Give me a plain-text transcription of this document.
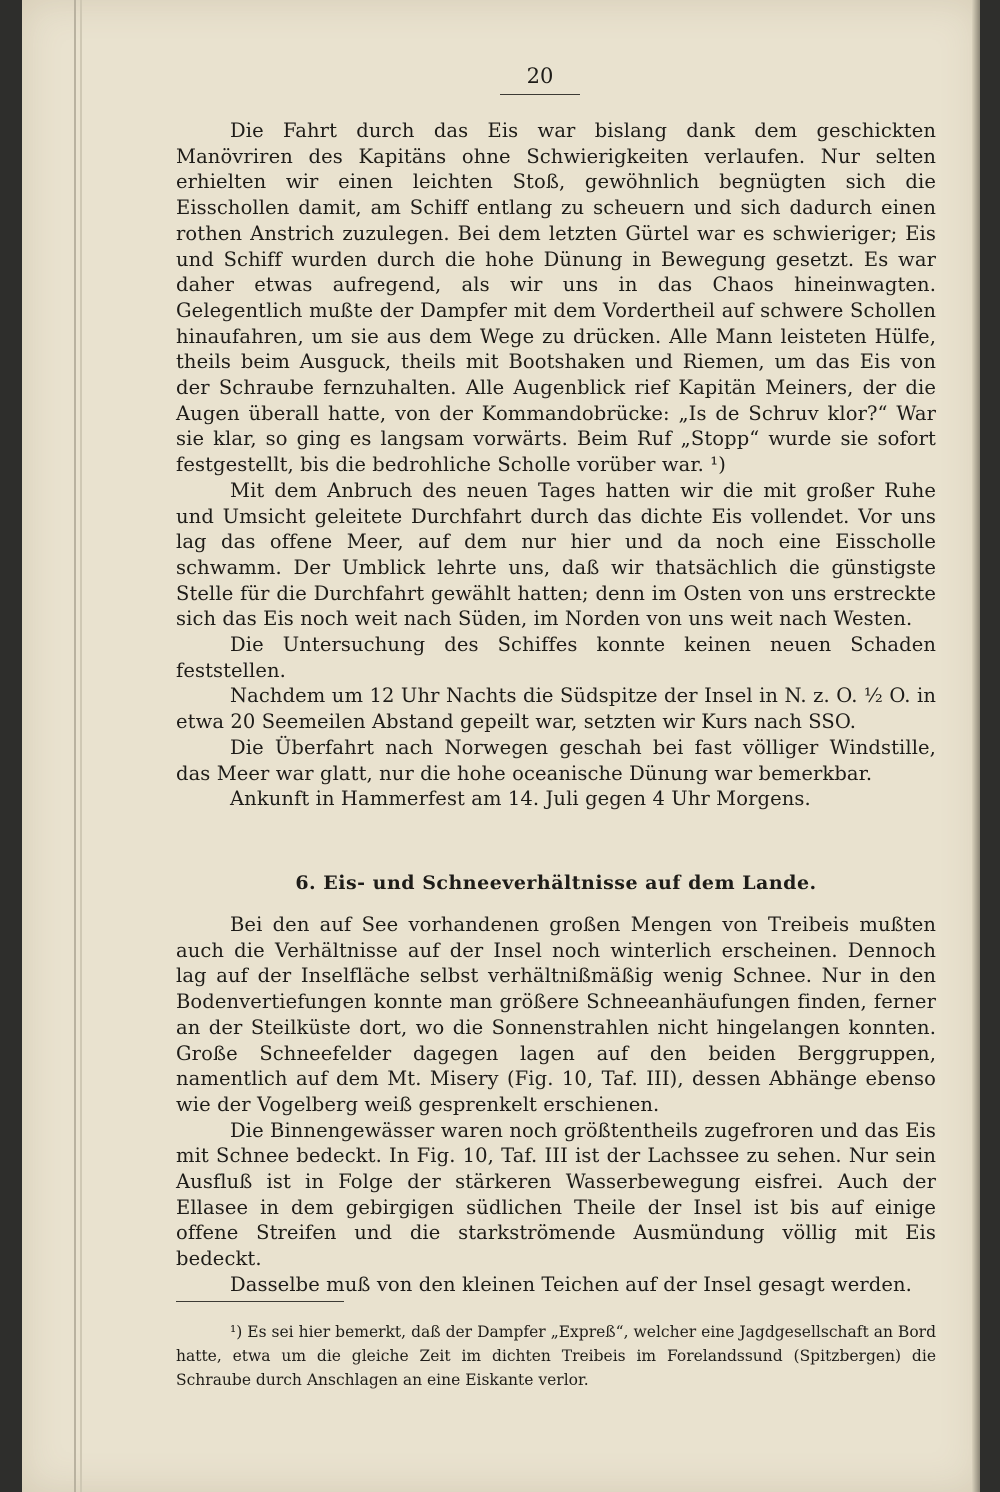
20

Die Fahrt durch das Eis war bislang dank dem geschickten Manövriren des Kapitäns ohne Schwierigkeiten verlaufen. Nur selten erhielten wir einen leichten Stoß, gewöhnlich begnügten sich die Eisschollen damit, am Schiff entlang zu scheuern und sich dadurch einen rothen Anstrich zuzulegen. Bei dem letzten Gürtel war es schwieriger; Eis und Schiff wurden durch die hohe Dünung in Bewegung gesetzt. Es war daher etwas aufregend, als wir uns in das Chaos hineinwagten. Gelegentlich mußte der Dampfer mit dem Vordertheil auf schwere Schollen hinaufahren, um sie aus dem Wege zu drücken. Alle Mann leisteten Hülfe, theils beim Ausguck, theils mit Bootshaken und Riemen, um das Eis von der Schraube fernzuhalten. Alle Augenblick rief Kapitän Meiners, der die Augen überall hatte, von der Kommandobrücke: „Is de Schruv klor?“ War sie klar, so ging es langsam vorwärts. Beim Ruf „Stopp“ wurde sie sofort festgestellt, bis die bedrohliche Scholle vorüber war. ¹)

Mit dem Anbruch des neuen Tages hatten wir die mit großer Ruhe und Umsicht geleitete Durchfahrt durch das dichte Eis vollendet. Vor uns lag das offene Meer, auf dem nur hier und da noch eine Eisscholle schwamm. Der Umblick lehrte uns, daß wir thatsächlich die günstigste Stelle für die Durchfahrt gewählt hatten; denn im Osten von uns erstreckte sich das Eis noch weit nach Süden, im Norden von uns weit nach Westen.

Die Untersuchung des Schiffes konnte keinen neuen Schaden feststellen.

Nachdem um 12 Uhr Nachts die Südspitze der Insel in N. z. O. ½ O. in etwa 20 Seemeilen Abstand gepeilt war, setzten wir Kurs nach SSO.

Die Überfahrt nach Norwegen geschah bei fast völliger Windstille, das Meer war glatt, nur die hohe oceanische Dünung war bemerkbar.

Ankunft in Hammerfest am 14. Juli gegen 4 Uhr Morgens.

6. Eis- und Schneeverhältnisse auf dem Lande.

Bei den auf See vorhandenen großen Mengen von Treibeis mußten auch die Verhältnisse auf der Insel noch winterlich erscheinen. Dennoch lag auf der Inselfläche selbst verhältnißmäßig wenig Schnee. Nur in den Bodenvertiefungen konnte man größere Schneeanhäufungen finden, ferner an der Steilküste dort, wo die Sonnenstrahlen nicht hingelangen konnten. Große Schneefelder dagegen lagen auf den beiden Berggruppen, namentlich auf dem Mt. Misery (Fig. 10, Taf. III), dessen Abhänge ebenso wie der Vogelberg weiß gesprenkelt erschienen.

Die Binnengewässer waren noch größtentheils zugefroren und das Eis mit Schnee bedeckt. In Fig. 10, Taf. III ist der Lachssee zu sehen. Nur sein Ausfluß ist in Folge der stärkeren Wasserbewegung eisfrei. Auch der Ellasee in dem gebirgigen südlichen Theile der Insel ist bis auf einige offene Streifen und die starkströmende Ausmündung völlig mit Eis bedeckt.

Dasselbe muß von den kleinen Teichen auf der Insel gesagt werden.

¹) Es sei hier bemerkt, daß der Dampfer „Expreß“, welcher eine Jagdgesellschaft an Bord hatte, etwa um die gleiche Zeit im dichten Treibeis im Forelandssund (Spitzbergen) die Schraube durch Anschlagen an eine Eiskante verlor.
